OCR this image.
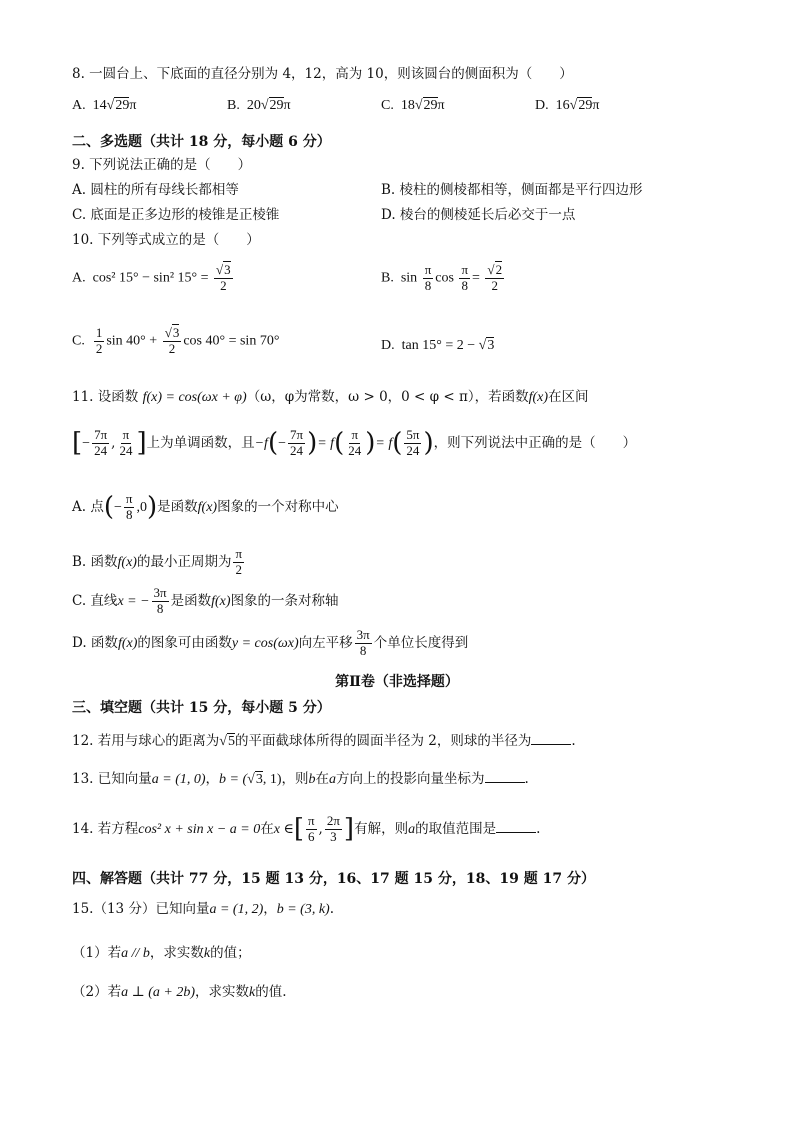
8. 一圆台上、下底面的直径分别为 4，12，高为 10，则该圆台的侧面积为（　　）
A. 14√29π	B. 20√29π	C. 18√29π	D. 16√29π
二、多选题（共计 18 分，每小题 6 分）
9. 下列说法正确的是（　　）
A. 圆柱的所有母线长都相等	B. 棱柱的侧棱都相等，侧面都是平行四边形
C. 底面是正多边形的棱锥是正棱锥	D. 棱台的侧棱延长后必交于一点
10. 下列等式成立的是（　　）
A. cos² 15° − sin² $15^\circ = \frac{√3}{2}$	B. $\sin \frac{\pi}{8}$ $\cos \frac{\pi}{8} = \frac{√2}{2}$
C. $\frac{1}{2}$ $\sin 40^\circ + \frac{√3}{2}$ cos 40° = sin 70°	D. tan 15° = 2 − √3
11. 设函数 f(x) = cos(ωx + φ)（ω，φ为常数，ω > 0，0 < φ < π），若函数f(x)在区间
[− $\frac{7\pi}{24}$ , $\frac{\pi}{24}$ ]上为单调函数，且$-f(- \frac{7\pi}{24}$ )= $f( \frac{\pi}{24}$ )= $f( \frac{5\pi}{24}$ )，则下列说法中正确的是（　　）
A. 点(− $\frac{\pi}{8} ,0$)是函数f(x)图象的一个对称中心
B. 函数f(x)的最小正周期为 $\frac{\pi}{2}$
C. 直线x = − $\frac{3\pi}{8}$ 是函数f(x)图象的一条对称轴
D. 函数f(x)的图象可由函数y = cos(ωx)向左平移 $\frac{3\pi}{8}$ 个单位长度得到
第Ⅱ卷（非选择题）
三、填空题（共计 15 分，每小题 5 分）
12. 若用与球心的距离为√5的平面截球体所得的圆面半径为 2，则球的半径为	.
13. 已知向量a = (1, 0)，b = (√3, 1)，则b在a方向上的投影向量坐标为	.
14. 若方程cos² x + sin x − a = 0在x ∈[ $\frac{\pi}{6}$ , $\frac{2\pi}{3}$ ]有解，则a的取值范围是	.
四、解答题（共计 77 分，15 题 13 分，16、17 题 15 分，18、19 题 17 分）
15.（13 分）已知向量a = (1, 2)，b = (3, k).
（1）若a // b，求实数k的值；
（2）若a ⊥ (a + 2b)，求实数k的值.
